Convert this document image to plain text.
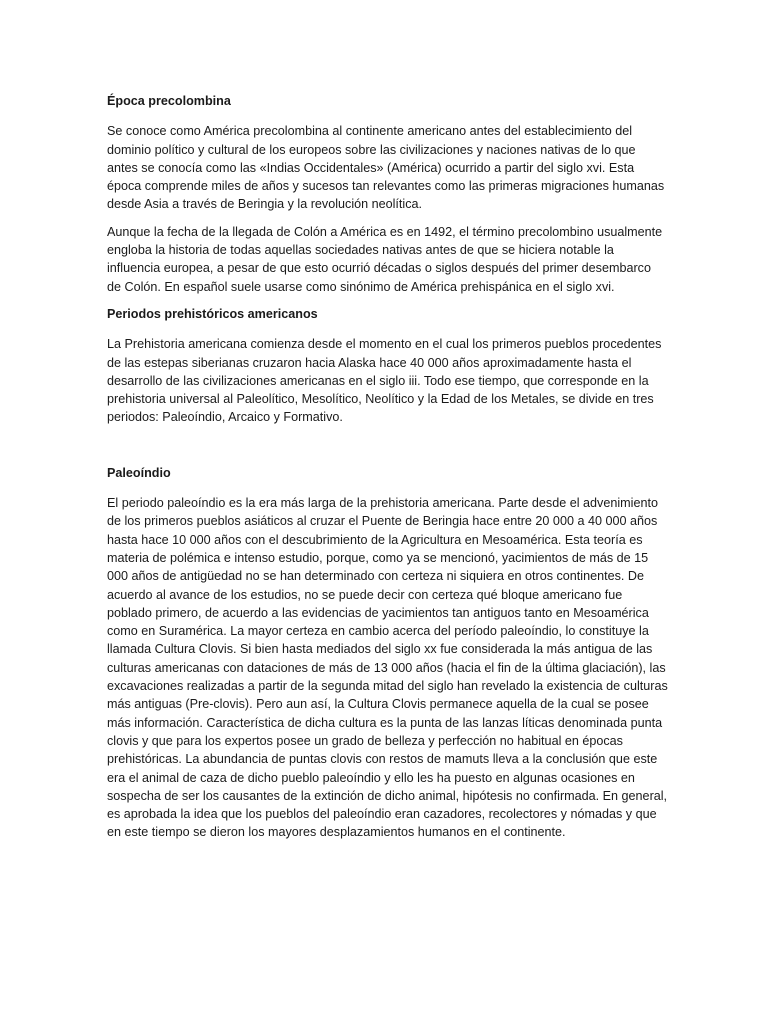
Época precolombina

Se conoce como América precolombina al continente americano antes del establecimiento del dominio político y cultural de los europeos sobre las civilizaciones y naciones nativas de lo que antes se conocía como las «Indias Occidentales» (América) ocurrido a partir del siglo xvi. Esta época comprende miles de años y sucesos tan relevantes como las primeras migraciones humanas desde Asia a través de Beringia y la revolución neolítica.

Aunque la fecha de la llegada de Colón a América es en 1492, el término precolombino usualmente engloba la historia de todas aquellas sociedades nativas antes de que se hiciera notable la influencia europea, a pesar de que esto ocurrió décadas o siglos después del primer desembarco de Colón. En español suele usarse como sinónimo de América prehispánica en el siglo xvi.

Periodos prehistóricos americanos

La Prehistoria americana comienza desde el momento en el cual los primeros pueblos procedentes de las estepas siberianas cruzaron hacia Alaska hace 40 000 años aproximadamente hasta el desarrollo de las civilizaciones americanas en el siglo iii. Todo ese tiempo, que corresponde en la prehistoria universal al Paleolítico, Mesolítico, Neolítico y la Edad de los Metales, se divide en tres periodos: Paleoíndio, Arcaico y Formativo.

Paleoíndio

El periodo paleoíndio es la era más larga de la prehistoria americana. Parte desde el advenimiento de los primeros pueblos asiáticos al cruzar el Puente de Beringia hace entre 20 000 a 40 000 años hasta hace 10 000 años con el descubrimiento de la Agricultura en Mesoamérica. Esta teoría es materia de polémica e intenso estudio, porque, como ya se mencionó, yacimientos de más de 15 000 años de antigüedad no se han determinado con certeza ni siquiera en otros continentes. De acuerdo al avance de los estudios, no se puede decir con certeza qué bloque americano fue poblado primero, de acuerdo a las evidencias de yacimientos tan antiguos tanto en Mesoamérica como en Suramérica. La mayor certeza en cambio acerca del período paleoíndio, lo constituye la llamada Cultura Clovis. Si bien hasta mediados del siglo xx fue considerada la más antigua de las culturas americanas con dataciones de más de 13 000 años (hacia el fin de la última glaciación), las excavaciones realizadas a partir de la segunda mitad del siglo han revelado la existencia de culturas más antiguas (Pre-clovis). Pero aun así, la Cultura Clovis permanece aquella de la cual se posee más información. Característica de dicha cultura es la punta de las lanzas líticas denominada punta clovis y que para los expertos posee un grado de belleza y perfección no habitual en épocas prehistóricas. La abundancia de puntas clovis con restos de mamuts lleva a la conclusión que este era el animal de caza de dicho pueblo paleoíndio y ello les ha puesto en algunas ocasiones en sospecha de ser los causantes de la extinción de dicho animal, hipótesis no confirmada. En general, es aprobada la idea que los pueblos del paleoíndio eran cazadores, recolectores y nómadas y que en este tiempo se dieron los mayores desplazamientos humanos en el continente.
